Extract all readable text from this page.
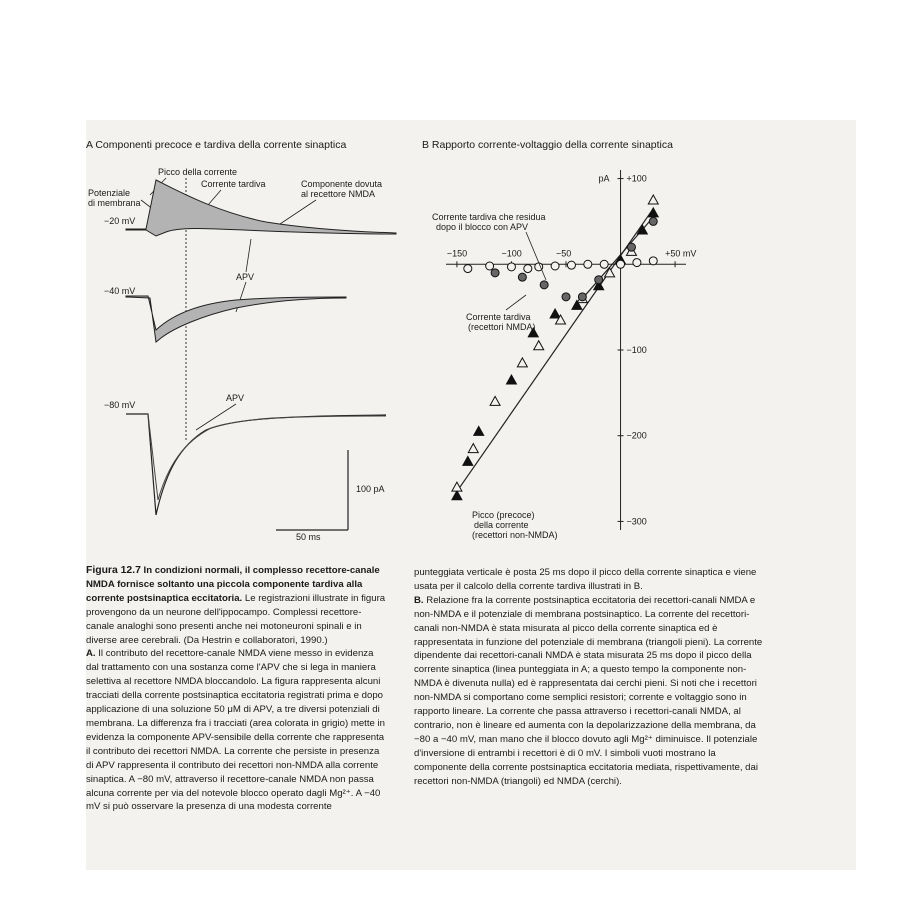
A Componenti precoce e tardiva della corrente sinaptica
Picco della corrente
Corrente tardiva	Componente dovuta
al recettore NMDA
Potenziale
di membrana
−20 mV
−40 mV
−80 mV
APV
APV
100 pA
50 ms
B Rapporto corrente-voltaggio della corrente sinaptica
−150	−100	−50	+50 mV
+100
−100
−200
−300
pA
Corrente tardiva che residua
dopo il blocco con APV
Corrente tardiva
(recettori NMDA)
Picco (precoce)
della corrente
(recettori non-NMDA)

Figura 12.7 In condizioni normali, il complesso recettore-canale NMDA fornisce soltanto una piccola componente tardiva alla corrente postsinaptica eccitatoria. Le registrazioni illustrate in figura provengono da un neurone dell'ippocampo. Complessi recettore-canale analoghi sono presenti anche nei motoneuroni spinali e in diverse aree cerebrali. (Da Hestrin e collaboratori, 1990.)

A. Il contributo del recettore-canale NMDA viene messo in evidenza dal trattamento con una sostanza come l'APV che si lega in maniera selettiva al recettore NMDA bloccandolo. La figura rappresenta alcuni tracciati della corrente postsinaptica eccitatoria registrati prima e dopo applicazione di una soluzione 50 μM di APV, a tre diversi potenziali di membrana. La differenza fra i tracciati (area colorata in grigio) mette in evidenza la componente APV-sensibile della corrente che rappresenta il contributo dei recettori NMDA. La corrente che persiste in presenza di APV rappresenta il contributo dei recettori non-NMDA alla corrente sinaptica. A −80 mV, attraverso il recettore-canale NMDA non passa alcuna corrente per via del notevole blocco operato dagli Mg²⁺. A −40 mV si può osservare la presenza di una modesta corrente

punteggiata verticale è posta 25 ms dopo il picco della corrente sinaptica e viene usata per il calcolo della corrente tardiva illustrati in B.

B. Relazione fra la corrente postsinaptica eccitatoria dei recettori-canali NMDA e non-NMDA e il potenziale di membrana postsinaptico. La corrente del recettori-canali non-NMDA è stata misurata al picco della corrente sinaptica ed è rappresentata in funzione del potenziale di membrana (triangoli pieni). La corrente dipendente dai recettori-canali NMDA è stata misurata 25 ms dopo il picco della corrente sinaptica (linea punteggiata in A; a questo tempo la componente non-NMDA è divenuta nulla) ed è rappresentata dai cerchi pieni. Si noti che i recettori non-NMDA si comportano come semplici resistori; corrente e voltaggio sono in rapporto lineare. La corrente che passa attraverso i recettori-canali NMDA, al contrario, non è lineare ed aumenta con la depolarizzazione della membrana, da −80 a −40 mV, man mano che il blocco dovuto agli Mg²⁺ diminuisce. Il potenziale d'inversione di entrambi i recettori è di 0 mV. I simboli vuoti mostrano la componente della corrente postsinaptica eccitatoria mediata, rispettivamente, dai recettori non-NMDA (triangoli) ed NMDA (cerchi).
